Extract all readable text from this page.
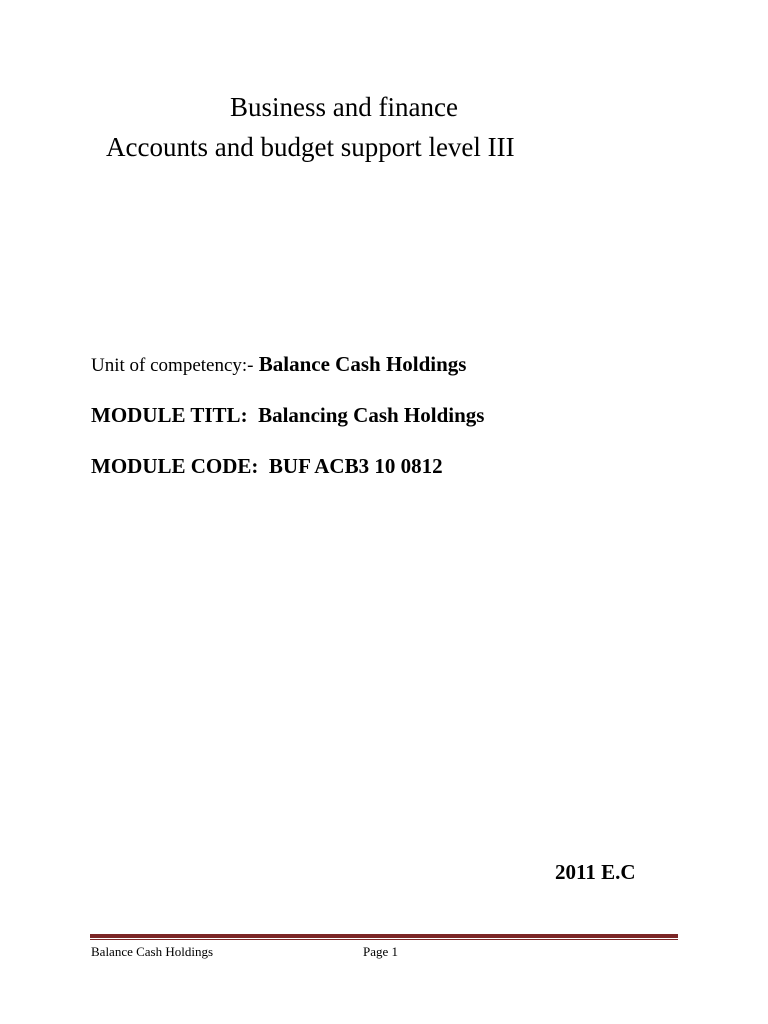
Business and finance
Accounts and budget support level III
Unit of competency:- Balance Cash Holdings
MODULE TITL: Balancing Cash Holdings
MODULE CODE: BUF ACB3 10 0812
2011 E.C
Balance Cash Holdings	Page 1
